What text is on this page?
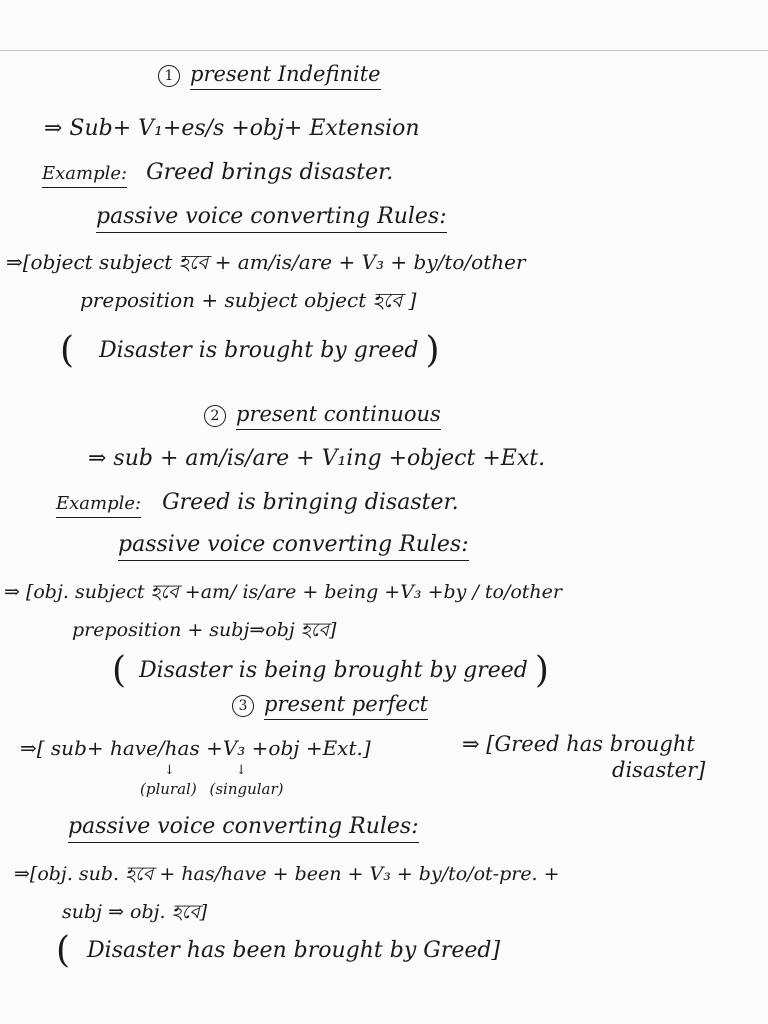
1 present Indefinite
⇒ Sub+ V₁+es/s +obj+ Extension
Example: Greed brings disaster.
passive voice converting Rules:
⇒[object subject হবে + am/is/are + V₃ + by/to/other
preposition + subject object হবে ]
( Disaster is brought by greed )
2 present continuous
⇒ sub + am/is/are + V₁ing +object +Ext.
Example: Greed is bringing disaster.
passive voice converting Rules:
⇒ [obj. subject হবে +am/ is/are + being +V₃ +by / to/other
preposition + subj⇒obj হবে]
( Disaster is being brought by greed )
3 present perfect
⇒[ sub+ have/has +V₃ +obj +Ext.]
↓	↓
(plural) (singular)
⇒ [Greed has brought
disaster]
passive voice converting Rules:
⇒[obj. sub. হবে + has/have + been + V₃ + by/to/ot-pre. +
subj ⇒ obj. হবে]
( Disaster has been brought by Greed]
